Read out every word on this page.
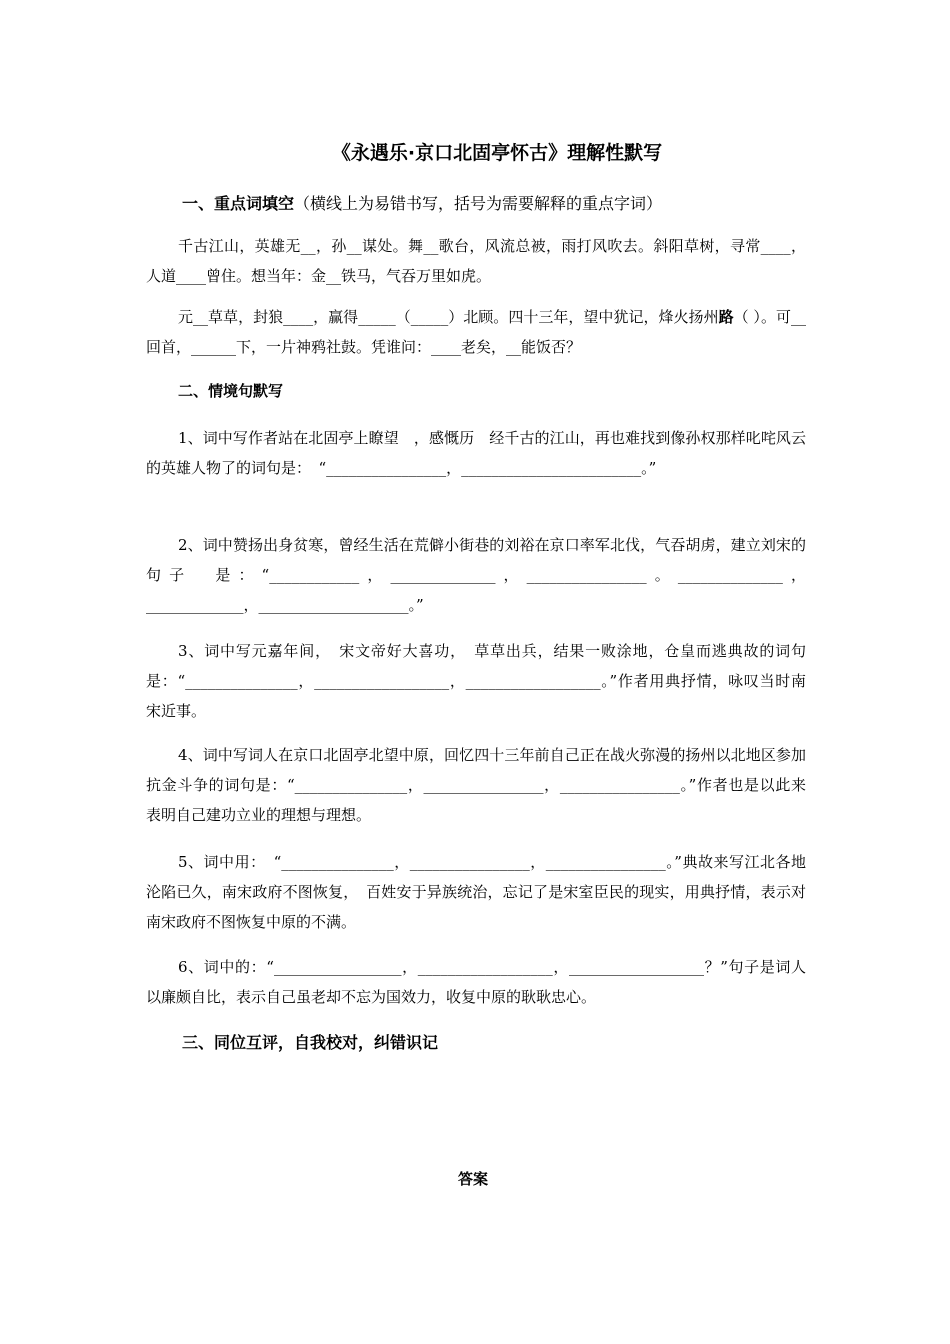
《永遇乐·京口北固亭怀古》理解性默写
一、重点词填空（横线上为易错书写，括号为需要解释的重点字词）
千古江山，英雄无__，孙__谋处。舞__歌台，风流总被，雨打风吹去。斜阳草树，寻常____，人道____曾住。想当年：金__铁马，气吞万里如虎。
元__草草，封狼____，赢得_____（_____）北顾。四十三年，望中犹记，烽火扬州路（ ）。可__回首，______下，一片神鸦社鼓。凭谁问：____老矣，__能饭否？
二、情境句默写
1、词中写作者站在北固亭上瞭望　，感慨历　经千古的江山，再也难找到像孙权那样叱咤风云的英雄人物了的词句是：　“________________，________________________。”
2、词中赞扬出身贫寒，曾经生活在荒僻小街巷的刘裕在京口率军北伐，气吞胡虏，建立刘宋的句子　是：“____________，______________，________________。______________，_____________，____________________。”
3、词中写元嘉年间，　宋文帝好大喜功，　草草出兵，结果一败涂地，仓皇而逃典故的词句是：“_______________，__________________，__________________。”作者用典抒情，咏叹当时南宋近事。
4、词中写词人在京口北固亭北望中原，回忆四十三年前自己正在战火弥漫的扬州以北地区参加抗金斗争的词句是：“_______________，________________，________________。”作者也是以此来表明自己建功立业的理想与理想。
5、词中用：　“_______________，________________，________________。”典故来写江北各地沦陷已久，南宋政府不图恢复，　百姓安于异族统治，忘记了是宋室臣民的现实，用典抒情，表示对南宋政府不图恢复中原的不满。
6、词中的：“_________________，__________________，__________________？”句子是词人以廉颇自比，表示自己虽老却不忘为国效力，收复中原的耿耿忠心。
三、同位互评，自我校对，纠错识记
答案
